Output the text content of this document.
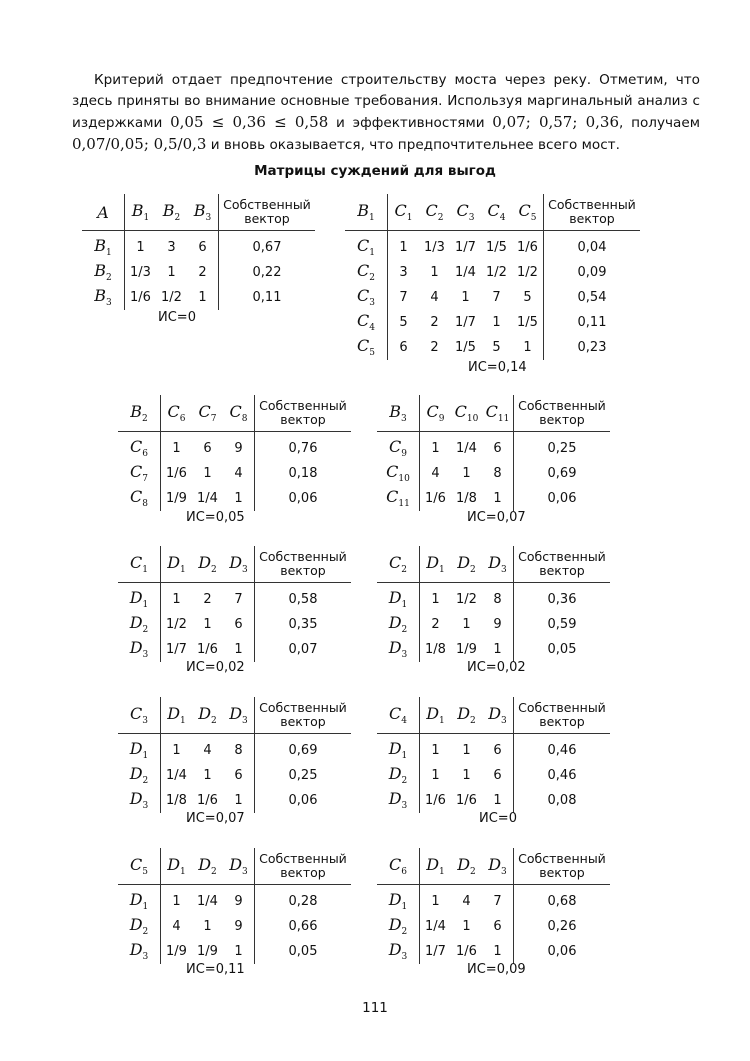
Критерий отдает предпочтение строительству моста через реку. Отметим, что здесь приняты во внимание основные требования. Используя маргинальный анализ с издержками 0,05 ≤ 0,36 ≤ 0,58 и эффективностями 0,07; 0,57; 0,36, получаем 0,07/0,05; 0,5/0,3 и вновь оказывается, что предпочтительнее всего мост.

Матрицы суждений для выгод
A	$B_1$	$B_2$	$B_3$	Собственный
вектор
$B_1$	1	3	6	0,67
$B_2$	1/3	1	2	0,22
$B_3$	1/6	1/2	1	0,11
ИС=0
$B_1$	$C_1$	$C_2$	$C_3$	$C_4$	$C_5$	Собственный
вектор
$C_1$	1	1/3	1/7	1/5	1/6	0,04
$C_2$	3	1	1/4	1/2	1/2	0,09
$C_3$	7	4	1	7	5	0,54
$C_4$	5	2	1/7	1	1/5	0,11
$C_5$	6	2	1/5	5	1	0,23
ИС=0,14
$B_2$	$C_6$	$C_7$	$C_8$	Собственный
вектор
$C_6$	1	6	9	0,76
$C_7$	1/6	1	4	0,18
$C_8$	1/9	1/4	1	0,06
ИС=0,05
$B_3$	$C_9$	$C_{10}$	$C_{11}$	Собственный
вектор
$C_9$	1	1/4	6	0,25
$C_{10}$	4	1	8	0,69
$C_{11}$	1/6	1/8	1	0,06
ИС=0,07
$C_1$	$D_1$	$D_2$	$D_3$	Собственный
вектор
$D_1$	1	2	7	0,58
$D_2$	1/2	1	6	0,35
$D_3$	1/7	1/6	1	0,07
ИС=0,02
$C_2$	$D_1$	$D_2$	$D_3$	Собственный
вектор
$D_1$	1	1/2	8	0,36
$D_2$	2	1	9	0,59
$D_3$	1/8	1/9	1	0,05
ИС=0,02
$C_3$	$D_1$	$D_2$	$D_3$	Собственный
вектор
$D_1$	1	4	8	0,69
$D_2$	1/4	1	6	0,25
$D_3$	1/8	1/6	1	0,06
ИС=0,07
$C_4$	$D_1$	$D_2$	$D_3$	Собственный
вектор
$D_1$	1	1	6	0,46
$D_2$	1	1	6	0,46
$D_3$	1/6	1/6	1	0,08
ИС=0
$C_5$	$D_1$	$D_2$	$D_3$	Собственный
вектор
$D_1$	1	1/4	9	0,28
$D_2$	4	1	9	0,66
$D_3$	1/9	1/9	1	0,05
ИС=0,11
$C_6$	$D_1$	$D_2$	$D_3$	Собственный
вектор
$D_1$	1	4	7	0,68
$D_2$	1/4	1	6	0,26
$D_3$	1/7	1/6	1	0,06
ИС=0,09
111
